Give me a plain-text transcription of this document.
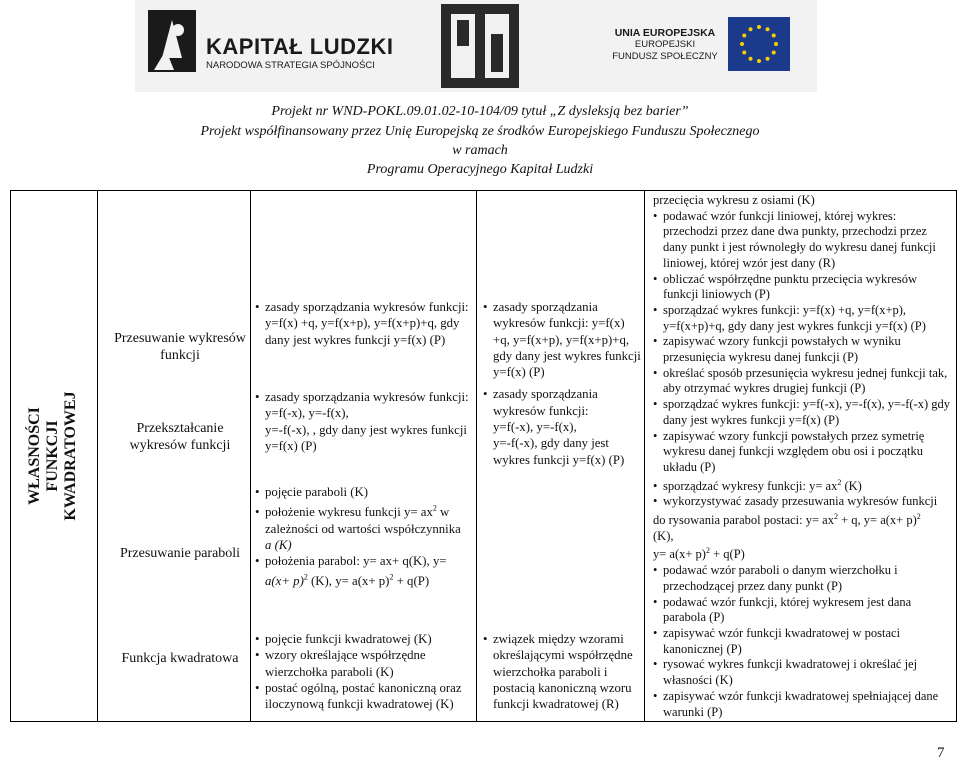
KAPITAŁ LUDZKI
NARODOWA STRATEGIA SPÓJNOŚCI
UNIA EUROPEJSKA
EUROPEJSKI
FUNDUSZ SPOŁECZNY
Projekt nr WND-POKL.09.01.02-10-104/09 tytuł „Z dysleksją bez barier”
Projekt współfinansowany przez Unię Europejską ze środków Europejskiego Funduszu Społecznego
w ramach
Programu Operacyjnego Kapitał Ludzki
WŁASNOŚCI FUNKCJI KWADRATOWEJ
Przesuwanie wykresów funkcji
Przekształcanie wykresów funkcji
Przesuwanie paraboli
Funkcja kwadratowa
• zasady sporządzania wykresów funkcji: y=f(x) +q, y=f(x+p), y=f(x+p)+q, gdy dany jest wykres funkcji y=f(x) (P)
• zasady sporządzania wykresów funkcji:
y=f(-x), y=-f(x),
y=-f(-x), , gdy dany jest wykres funkcji y=f(x) (P)
• pojęcie paraboli (K)
• położenie wykresu funkcji $y= ax^2$ w zależności od wartości współczynnika
a (K)
• położenia parabol: y= ax+ q(K), y=
$a(x+ p)^2$ (K), $y= a(x+ p)^2 + q(P)$
• pojęcie funkcji kwadratowej (K)
• wzory określające współrzędne wierzchołka paraboli (K)
• postać ogólną, postać kanoniczną oraz iloczynową funkcji kwadratowej (K)
• zasady sporządzania wykresów funkcji: y=f(x) +q, y=f(x+p), y=f(x+p)+q, gdy dany jest wykres funkcji y=f(x) (P)
• zasady sporządzania wykresów funkcji:
y=f(-x), y=-f(x),
y=-f(-x), gdy dany jest wykres funkcji y=f(x) (P)
• związek między wzorami określającymi współrzędne wierzchołka paraboli i postacią kanoniczną wzoru funkcji kwadratowej (R)
przecięcia wykresu z osiami (K)
• podawać wzór funkcji liniowej, której wykres: przechodzi przez dane dwa punkty, przechodzi przez dany punkt i jest równoległy do wykresu danej funkcji liniowej, której wzór jest dany (R)
• obliczać współrzędne punktu przecięcia wykresów funkcji liniowych (P)
• sporządzać wykres funkcji: y=f(x) +q, y=f(x+p), y=f(x+p)+q, gdy dany jest wykres funkcji y=f(x) (P)
• zapisywać wzory funkcji powstałych w wyniku przesunięcia wykresu danej funkcji (P)
• określać sposób przesunięcia wykresu jednej funkcji tak, aby otrzymać wykres drugiej funkcji (P)
• sporządzać wykres funkcji: y=f(-x), y=-f(x), y=-f(-x) gdy dany jest wykres funkcji y=f(x) (P)
• zapisywać wzory funkcji powstałych przez symetrię wykresu danej funkcji względem obu osi i początku układu (P)
• sporządzać wykresy funkcji: $y= ax^2$ (K)
• wykorzystywać zasady przesuwania wykresów funkcji
do rysowania parabol postaci: $y= ax^2 + q$, $y= a(x+ p)^2$
(K),
$y= a(x+ p)^2 + q(P)$
• podawać wzór paraboli o danym wierzchołku i przechodzącej przez dany punkt (P)
• podawać wzór funkcji, której wykresem jest dana parabola (P)
• zapisywać wzór funkcji kwadratowej w postaci kanonicznej (P)
• rysować wykres funkcji kwadratowej i określać jej własności (K)
• zapisywać wzór funkcji kwadratowej spełniającej dane warunki (P)
7
